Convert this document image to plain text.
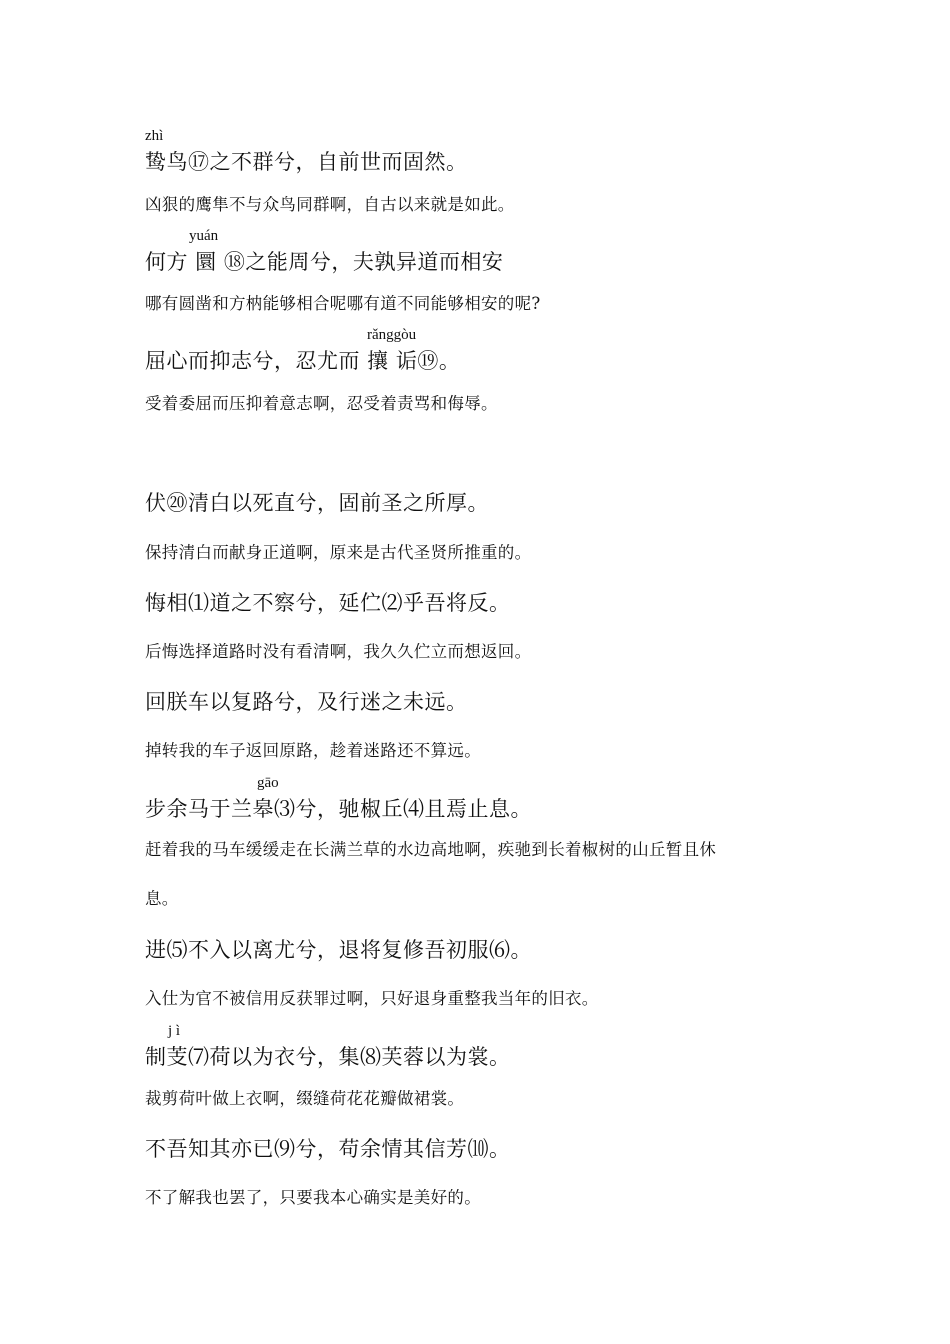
zhì
鸷鸟⑰之不群兮，自前世而固然。
凶狠的鹰隼不与众鸟同群啊，自古以来就是如此。
yuán
何方 圜 ⑱之能周兮，夫孰异道而相安
哪有圆凿和方枘能够相合呢哪有道不同能够相安的呢?
rǎnggòu
屈心而抑志兮，忍尤而 攘 诟⑲。
受着委屈而压抑着意志啊，忍受着责骂和侮辱。
伏⑳清白以死直兮，固前圣之所厚。
保持清白而献身正道啊，原来是古代圣贤所推重的。
悔相⑴道之不察兮，延伫⑵乎吾将反。
后悔选择道路时没有看清啊，我久久伫立而想返回。
回朕车以复路兮，及行迷之未远。
掉转我的车子返回原路，趁着迷路还不算远。
gāo
步余马于兰皋⑶兮，驰椒丘⑷且焉止息。
赶着我的马车缓缓走在长满兰草的水边高地啊，疾驰到长着椒树的山丘暂且休
息。
进⑸不入以离尤兮，退将复修吾初服⑹。
入仕为官不被信用反获罪过啊，只好退身重整我当年的旧衣。
j ì
制芰⑺荷以为衣兮，集⑻芙蓉以为裳。
裁剪荷叶做上衣啊，缀缝荷花花瓣做裙裳。
不吾知其亦已⑼兮，苟余情其信芳⑽。
不了解我也罢了，只要我本心确实是美好的。
